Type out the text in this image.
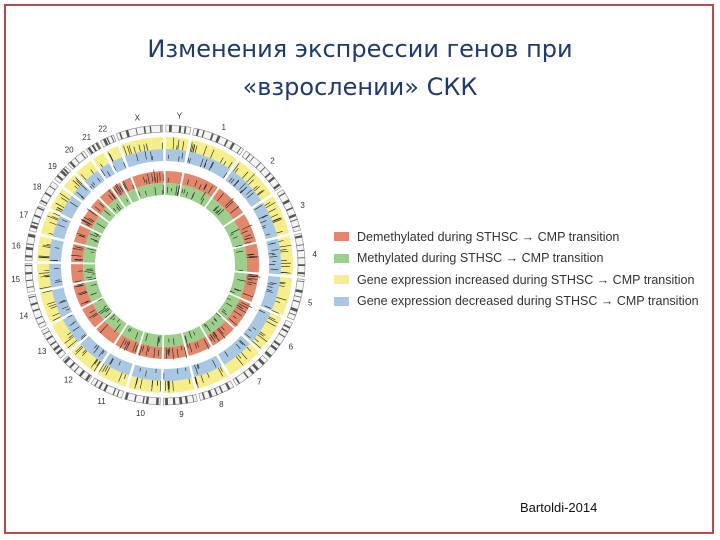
Изменения экспрессии генов при
«взрослении» СКК
1
2
3
4
5
6
7
8
9
10
11
12
13
14
15
16
17
18
19
20
21
22
X	Y
Demethylated during STHSC → CMP transition
Methylated during STHSC → CMP transition
Gene expression increased during STHSC → CMP transition
Gene expression decreased during STHSC → CMP transition
Bartoldi-2014
